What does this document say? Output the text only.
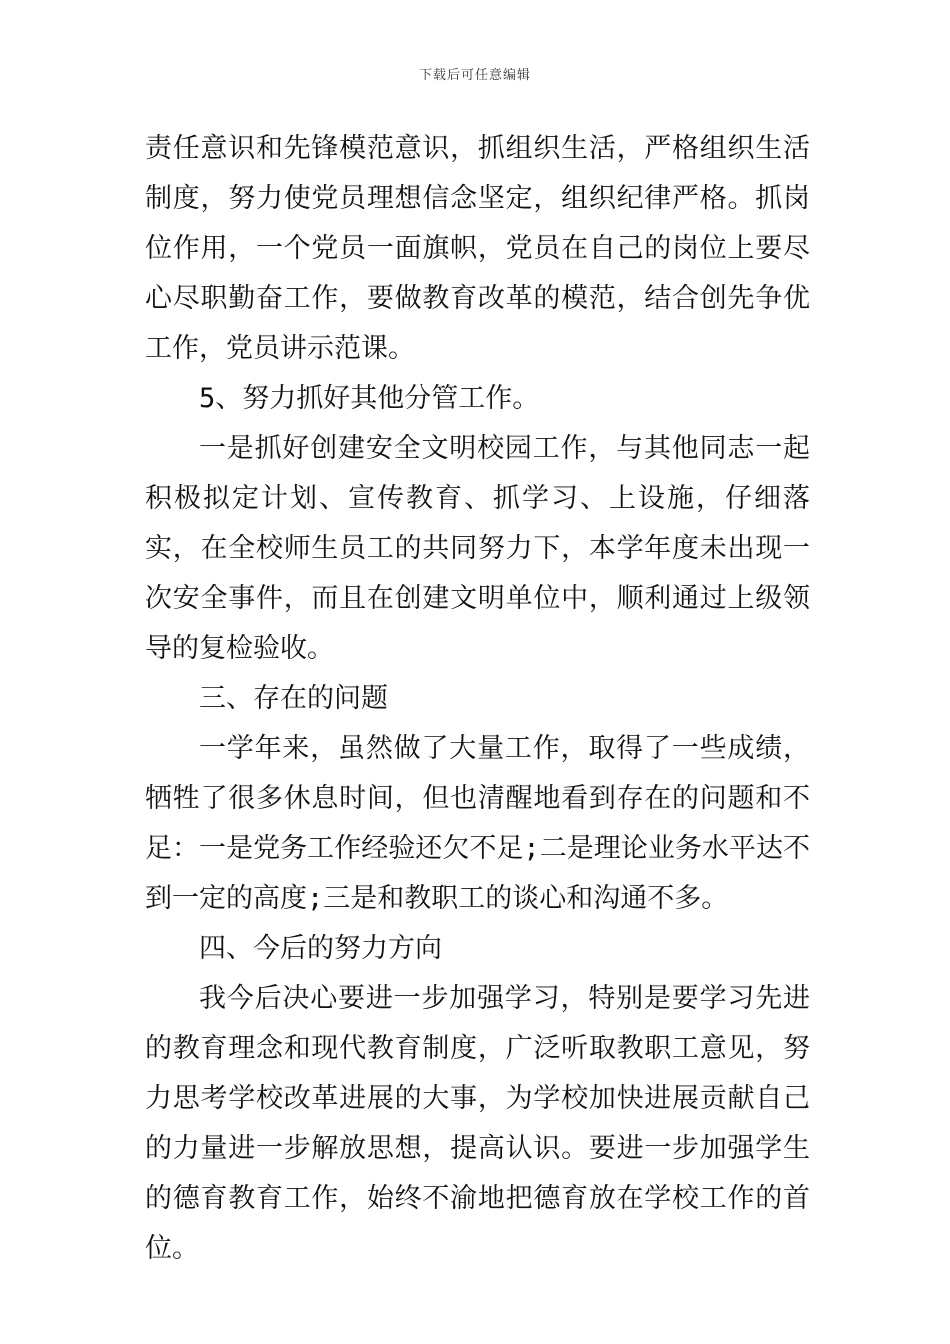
下载后可任意编辑

责任意识和先锋模范意识，抓组织生活，严格组织生活制度，努力使党员理想信念坚定，组织纪律严格。抓岗位作用，一个党员一面旗帜，党员在自己的岗位上要尽心尽职勤奋工作，要做教育改革的模范，结合创先争优工作，党员讲示范课。

5、努力抓好其他分管工作。

一是抓好创建安全文明校园工作，与其他同志一起积极拟定计划、宣传教育、抓学习、上设施，仔细落实，在全校师生员工的共同努力下，本学年度未出现一次安全事件，而且在创建文明单位中，顺利通过上级领导的复检验收。

三、存在的问题

一学年来，虽然做了大量工作，取得了一些成绩，牺牲了很多休息时间，但也清醒地看到存在的问题和不足：一是党务工作经验还欠不足;二是理论业务水平达不到一定的高度;三是和教职工的谈心和沟通不多。

四、今后的努力方向

我今后决心要进一步加强学习，特别是要学习先进的教育理念和现代教育制度，广泛听取教职工意见，努力思考学校改革进展的大事，为学校加快进展贡献自己的力量进一步解放思想，提高认识。要进一步加强学生的德育教育工作，始终不渝地把德育放在学校工作的首位。
